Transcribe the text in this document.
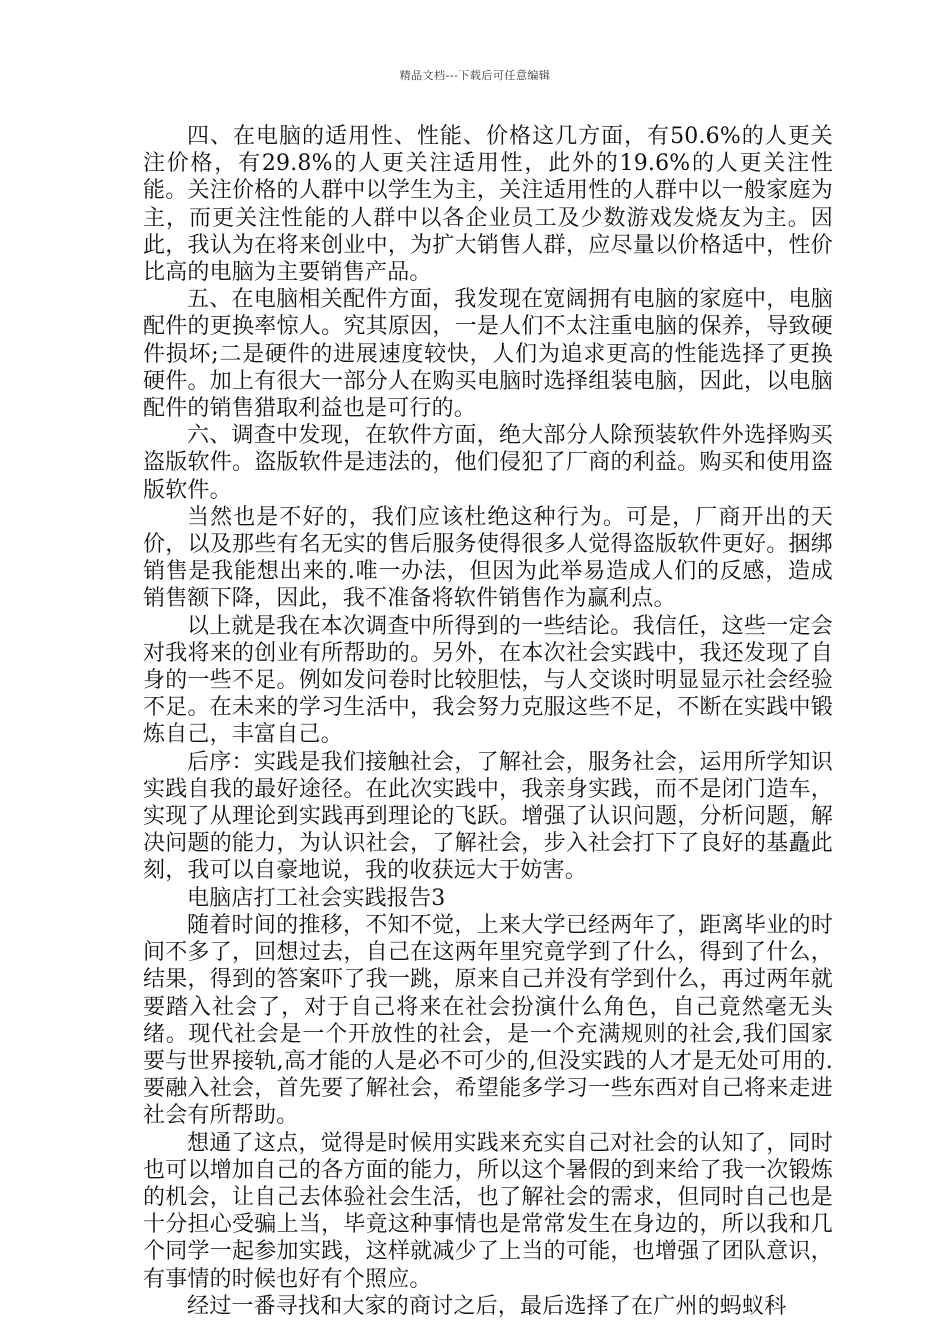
精品文档---下载后可任意编辑

四、在电脑的适用性、性能、价格这几方面，有50.6%的人更关注价格，有29.8%的人更关注适用性，此外的19.6%的人更关注性能。关注价格的人群中以学生为主，关注适用性的人群中以一般家庭为主，而更关注性能的人群中以各企业员工及少数游戏发烧友为主。因此，我认为在将来创业中，为扩大销售人群，应尽量以价格适中，性价比高的电脑为主要销售产品。

五、在电脑相关配件方面，我发现在宽阔拥有电脑的家庭中，电脑配件的更换率惊人。究其原因，一是人们不太注重电脑的保养，导致硬件损坏;二是硬件的进展速度较快，人们为追求更高的性能选择了更换硬件。加上有很大一部分人在购买电脑时选择组装电脑，因此，以电脑配件的销售猎取利益也是可行的。

六、调查中发现，在软件方面，绝大部分人除预装软件外选择购买盗版软件。盗版软件是违法的，他们侵犯了厂商的利益。购买和使用盗版软件。

当然也是不好的，我们应该杜绝这种行为。可是，厂商开出的天价，以及那些有名无实的售后服务使得很多人觉得盗版软件更好。捆绑销售是我能想出来的.唯一办法，但因为此举易造成人们的反感，造成销售额下降，因此，我不准备将软件销售作为赢利点。

以上就是我在本次调查中所得到的一些结论。我信任，这些一定会对我将来的创业有所帮助的。另外，在本次社会实践中，我还发现了自身的一些不足。例如发问卷时比较胆怯，与人交谈时明显显示社会经验不足。在未来的学习生活中，我会努力克服这些不足，不断在实践中锻炼自己，丰富自己。

后序：实践是我们接触社会，了解社会，服务社会，运用所学知识实践自我的最好途径。在此次实践中，我亲身实践，而不是闭门造车，实现了从理论到实践再到理论的飞跃。增强了认识问题，分析问题，解决问题的能力，为认识社会，了解社会，步入社会打下了良好的基矗此刻，我可以自豪地说，我的收获远大于妨害。

电脑店打工社会实践报告3

随着时间的推移，不知不觉，上来大学已经两年了，距离毕业的时间不多了，回想过去，自己在这两年里究竟学到了什么，得到了什么，结果，得到的答案吓了我一跳，原来自己并没有学到什么，再过两年就要踏入社会了，对于自己将来在社会扮演什么角色，自己竟然毫无头绪。现代社会是一个开放性的社会，是一个充满规则的社会,我们国家要与世界接轨,高才能的人是必不可少的,但没实践的人才是无处可用的.要融入社会，首先要了解社会，希望能多学习一些东西对自己将来走进社会有所帮助。

想通了这点，觉得是时候用实践来充实自己对社会的认知了，同时也可以增加自己的各方面的能力，所以这个暑假的到来给了我一次锻炼的机会，让自己去体验社会生活，也了解社会的需求，但同时自己也是十分担心受骗上当，毕竟这种事情也是常常发生在身边的，所以我和几个同学一起参加实践，这样就减少了上当的可能，也增强了团队意识，有事情的时候也好有个照应。

经过一番寻找和大家的商讨之后，最后选择了在广州的蚂蚁科
